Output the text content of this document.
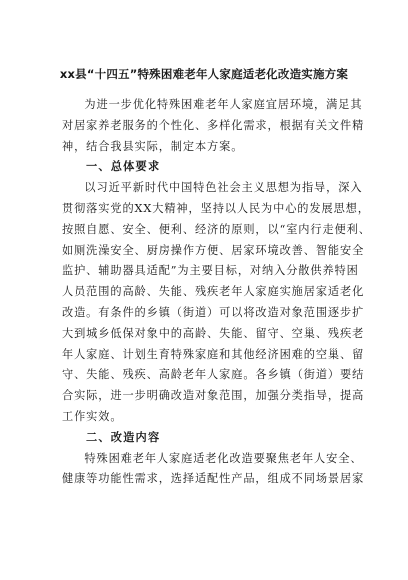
xx县“十四五”特殊困难老年人家庭适老化改造实施方案

为进一步优化特殊困难老年人家庭宜居环境，满足其
对居家养老服务的个性化、多样化需求，根据有关文件精
神，结合我县实际，制定本方案。

一、总体要求

以习近平新时代中国特色社会主义思想为指导，深入
贯彻落实党的XX大精神，坚持以人民为中心的发展思想，
按照自愿、安全、便利、经济的原则，以“室内行走便利、
如厕洗澡安全、厨房操作方便、居家环境改善、智能安全
监护、辅助器具适配”为主要目标，对纳入分散供养特困
人员范围的高龄、失能、残疾老年人家庭实施居家适老化
改造。有条件的乡镇（街道）可以将改造对象范围逐步扩
大到城乡低保对象中的高龄、失能、留守、空巢、残疾老
年人家庭、计划生育特殊家庭和其他经济困难的空巢、留
守、失能、残疾、高龄老年人家庭。各乡镇（街道）要结
合实际，进一步明确改造对象范围，加强分类指导，提高
工作实效。

二、改造内容

特殊困难老年人家庭适老化改造要聚焦老年人安全、
健康等功能性需求，选择适配性产品，组成不同场景居家
